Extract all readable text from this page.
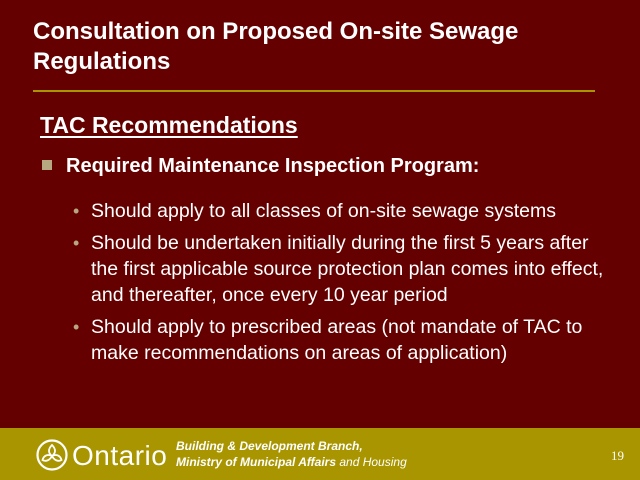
Consultation on Proposed On-site Sewage Regulations
TAC Recommendations
Required Maintenance Inspection Program:
• Should apply to all classes of on-site sewage systems
• Should be undertaken initially during the first 5 years after the first applicable source protection plan comes into effect, and thereafter, once every 10 year period
• Should apply to prescribed areas (not mandate of TAC to make recommendations on areas of application)
Ontario Building & Development Branch,
Ministry of Municipal Affairs and Housing	19
